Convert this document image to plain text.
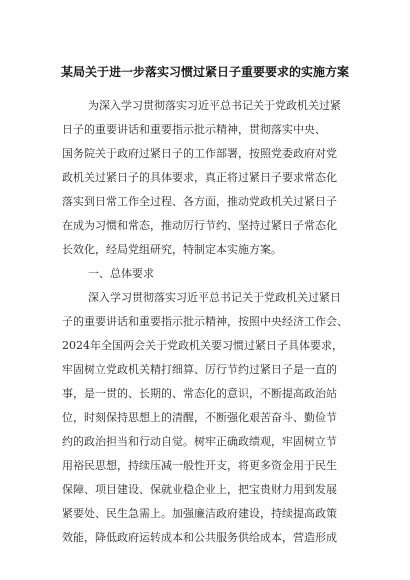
某局关于进一步落实习惯过紧日子重要要求的实施方案

为深入学习贯彻落实习近平总书记关于党政机关过紧

日子的重要讲话和重要指示批示精神，贯彻落实中央、

国务院关于政府过紧日子的工作部署，按照党委政府对党

政机关过紧日子的具体要求，真正将过紧日子要求常态化

落实到日常工作全过程、各方面，推动党政机关过紧日子

在成为习惯和常态，推动厉行节约、坚持过紧日子常态化

长效化，经局党组研究，特制定本实施方案。

一、总体要求

深入学习贯彻落实习近平总书记关于党政机关过紧日

子的重要讲话和重要指示批示精神，按照中央经济工作会、

2024年全国两会关于党政机关要习惯过紧日子具体要求，

牢固树立党政机关精打细算、厉行节约过紧日子是一直的

事，是一贯的、长期的、常态化的意识，不断提高政治站

位，时刻保持思想上的清醒，不断强化艰苦奋斗、勤俭节

约的政治担当和行动自觉。树牢正确政绩观，牢固树立节

用裕民思想，持续压减一般性开支，将更多资金用于民生

保障、项目建设、保就业稳企业上，把宝贵财力用到发展

紧要处、民生急需上。加强廉洁政府建设，持续提高政策

效能，降低政府运转成本和公共服务供给成本，营造形成
